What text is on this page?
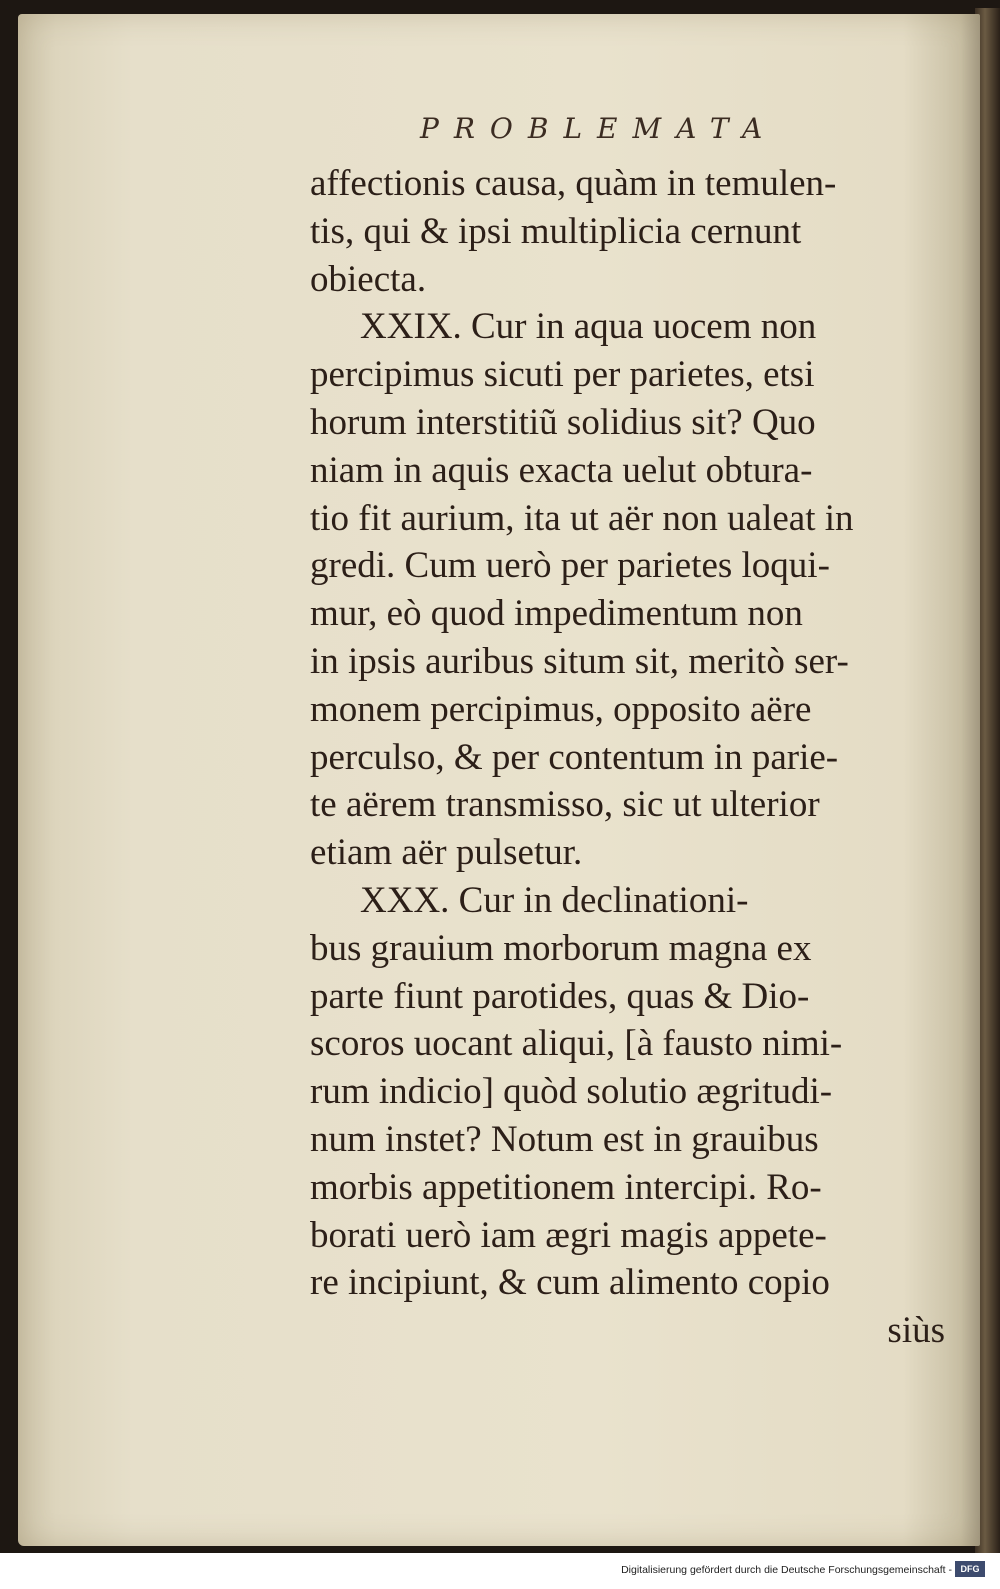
PROBLEMATA
affectionis causa, quàm in temulen-
tis, qui & ipsi multiplicia cernunt
obiecta.
XXIX. Cur in aqua uocem non
percipimus sicuti per parietes, etsi
horum interstitiũ solidius sit? Quo
niam in aquis exacta uelut obtura-
tio fit aurium, ita ut aër non ualeat in
gredi. Cum uerò per parietes loqui-
mur, eò quod impedimentum non
in ipsis auribus situm sit, meritò ser-
monem percipimus, opposito aëre
perculso, & per contentum in parie-
te aërem transmisso, sic ut ulterior
etiam aër pulsetur.
XXX. Cur in declinationi-
bus grauium morborum magna ex
parte fiunt parotides, quas & Dio-
scoros uocant aliqui, [à fausto nimi-
rum indicio] quòd solutio ægritudi-
num instet? Notum est in grauibus
morbis appetitionem intercipi. Ro-
borati uerò iam ægri magis appete-
re incipiunt, & cum alimento copio
siùs
Digitalisierung gefördert durch die Deutsche Forschungsgemeinschaft - DFG
